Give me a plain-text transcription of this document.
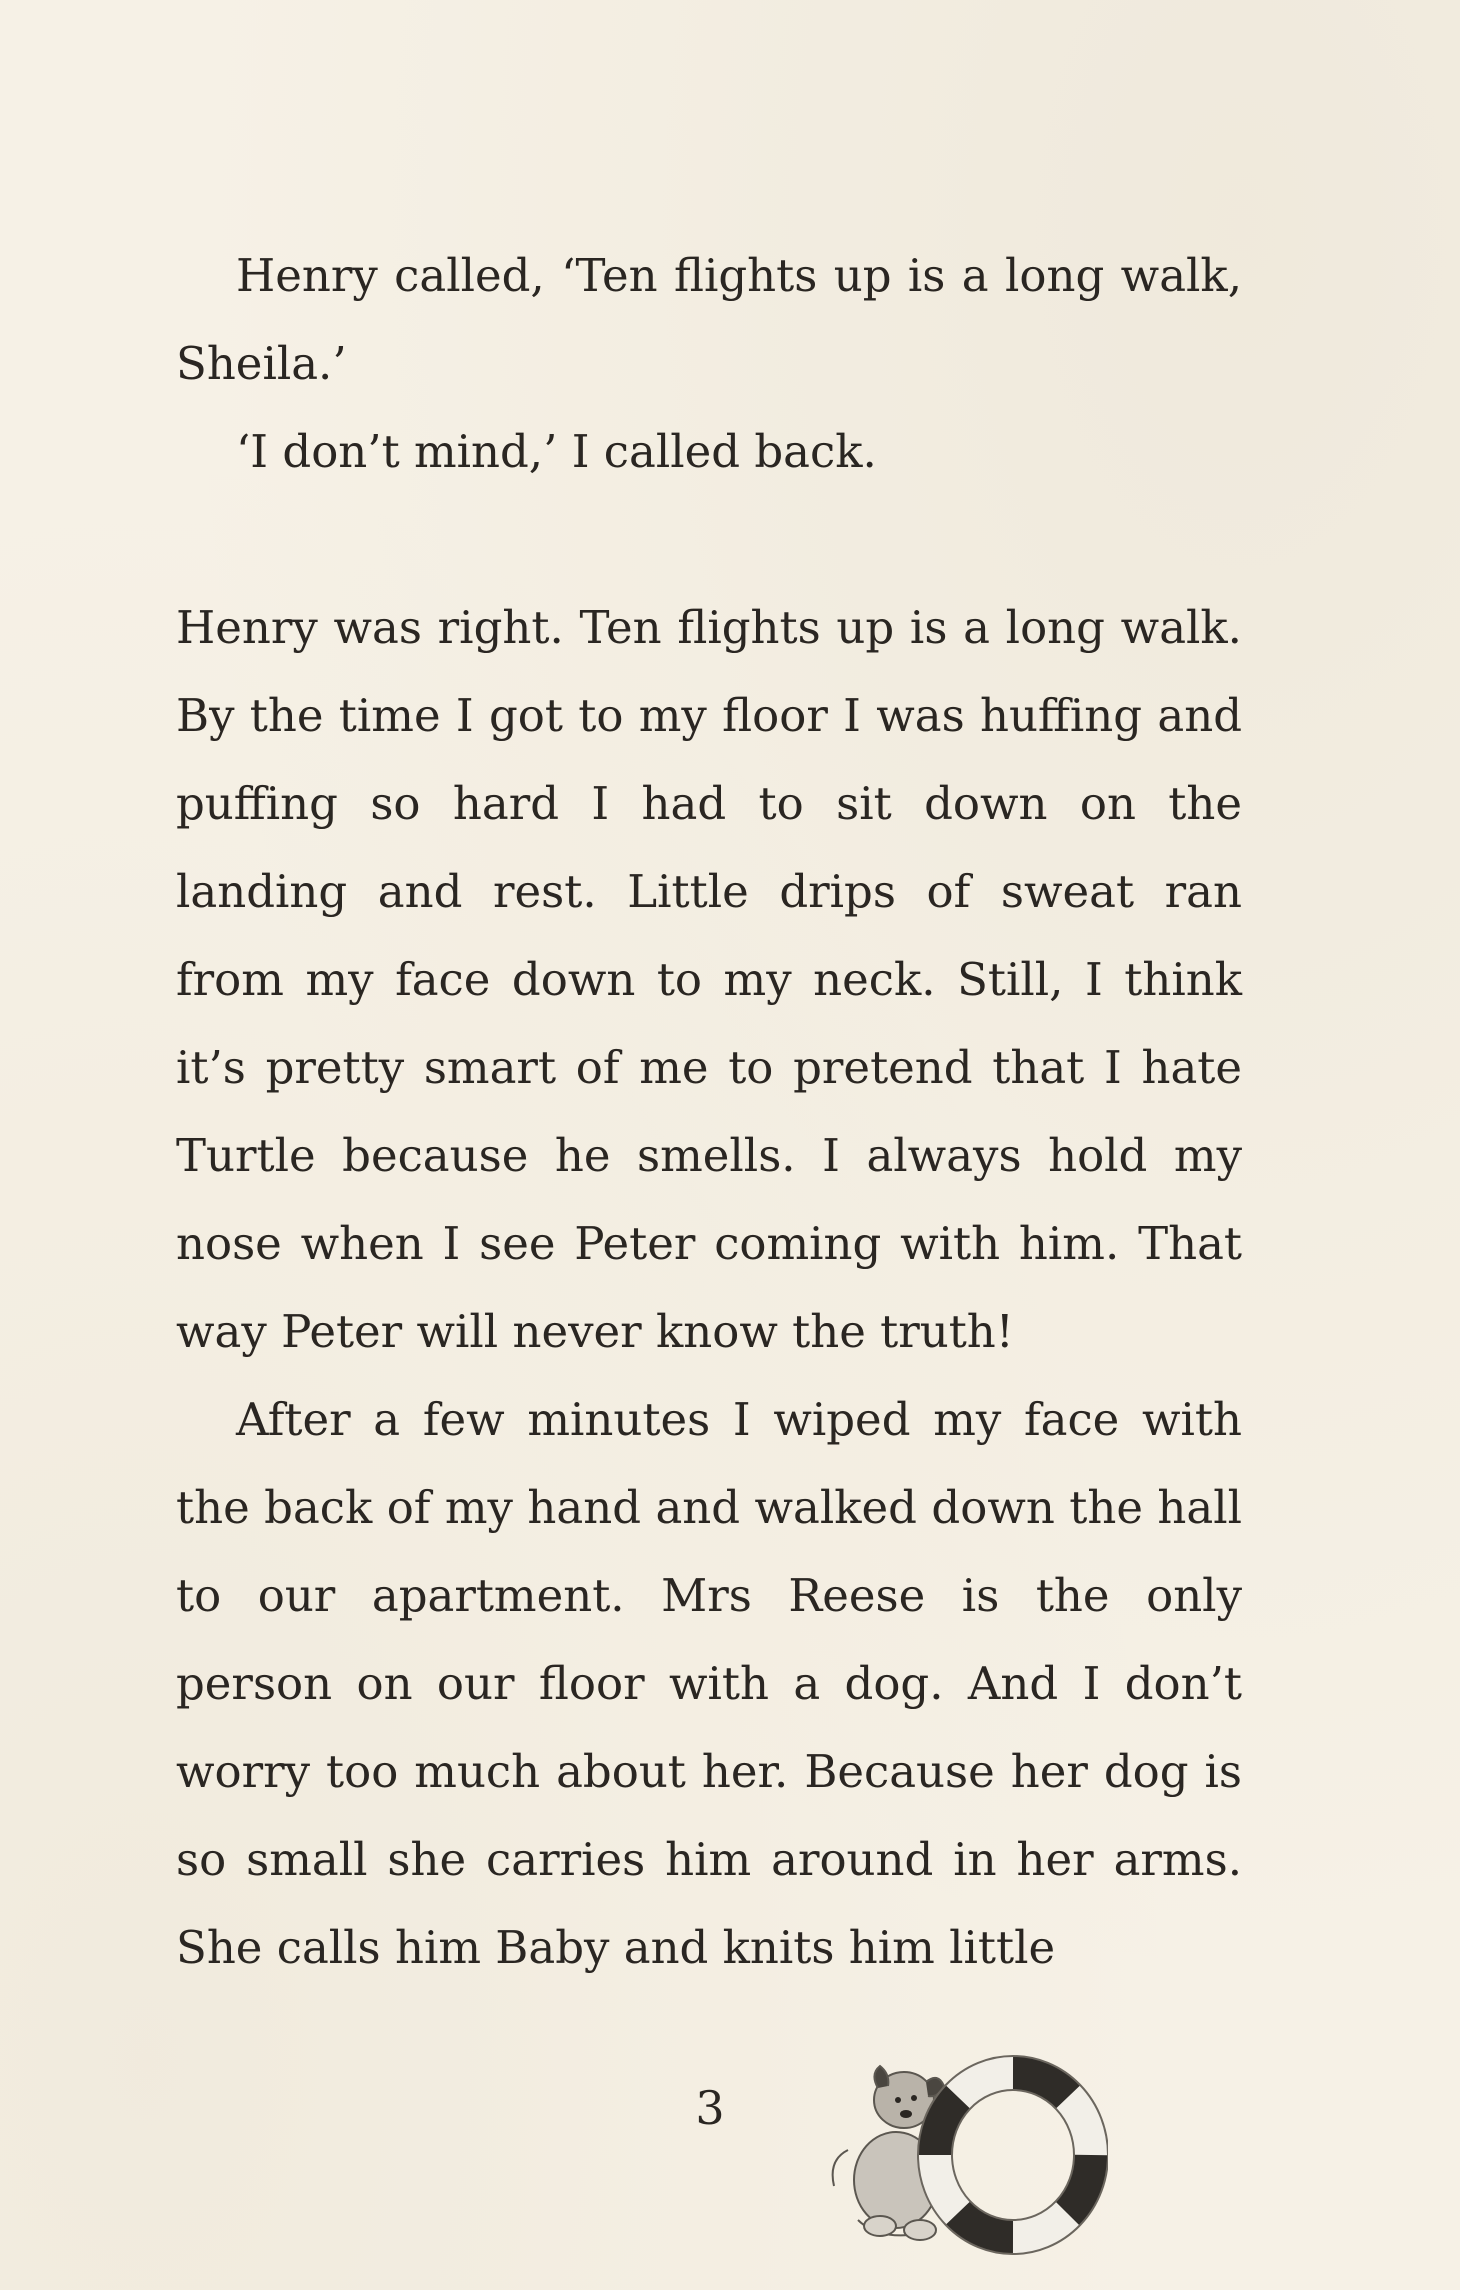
Henry called, ‘Ten flights up is a long walk, Sheila.’

‘I don’t mind,’ I called back.

Henry was right. Ten flights up is a long walk. By the time I got to my floor I was huffing and puffing so hard I had to sit down on the landing and rest. Little drips of sweat ran from my face down to my neck. Still, I think it’s pretty smart of me to pretend that I hate Turtle because he smells. I always hold my nose when I see Peter coming with him. That way Peter will never know the truth!

After a few minutes I wiped my face with the back of my hand and walked down the hall to our apartment. Mrs Reese is the only person on our floor with a dog. And I don’t worry too much about her. Because her dog is so small she carries him around in her arms. She calls him Baby and knits him little

3
